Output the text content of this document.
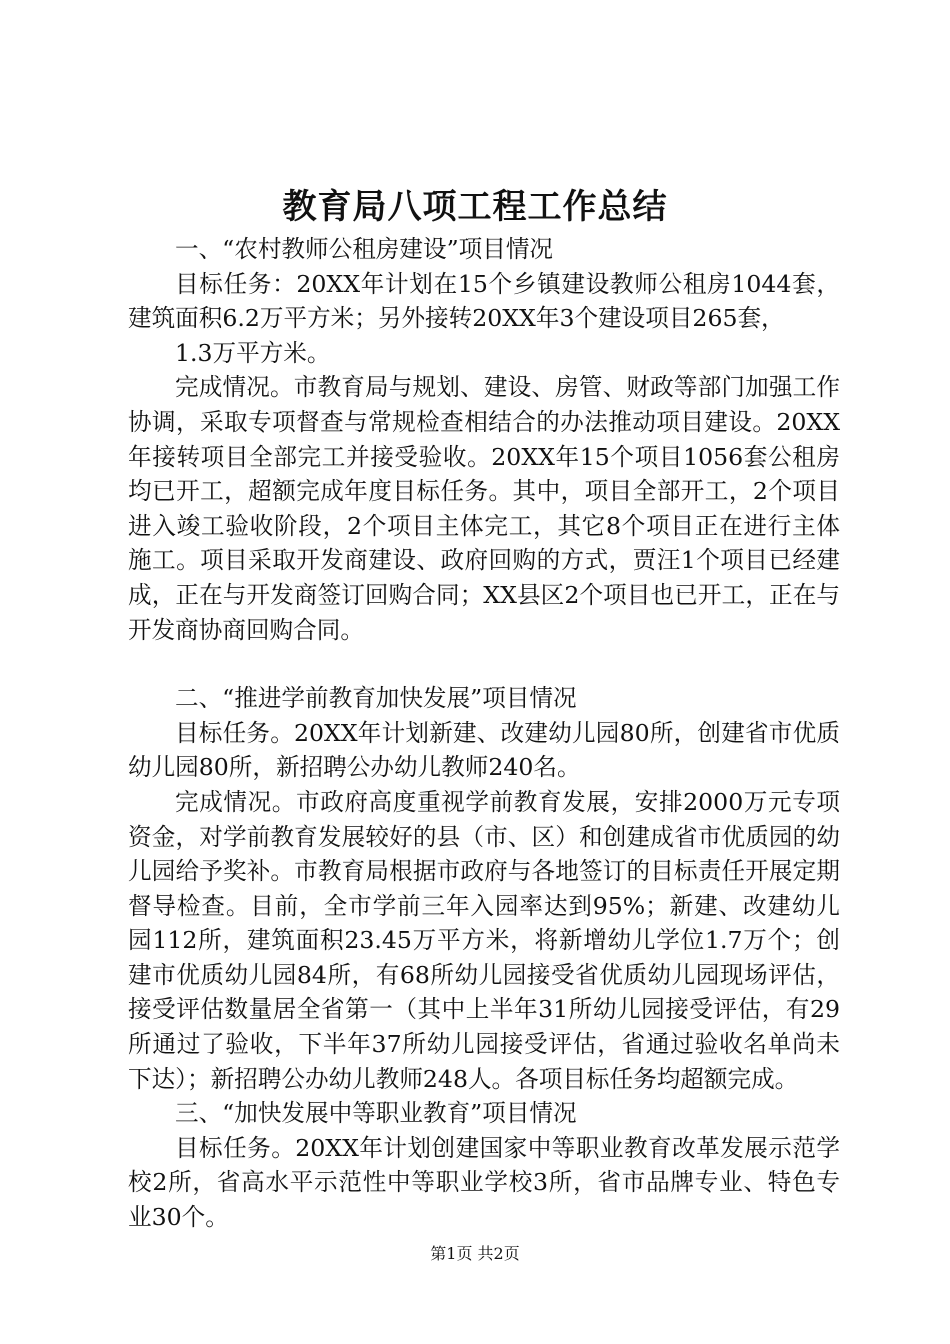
教育局八项工程工作总结

一、“农村教师公租房建设”项目情况

目标任务：20XX年计划在15个乡镇建设教师公租房1044套，建筑面积6.2万平方米；另外接转20XX年3个建设项目265套，

1.3万平方米。

完成情况。市教育局与规划、建设、房管、财政等部门加强工作协调，采取专项督查与常规检查相结合的办法推动项目建设。20XX年接转项目全部完工并接受验收。20XX年15个项目1056套公租房均已开工，超额完成年度目标任务。其中，项目全部开工，2个项目进入竣工验收阶段，2个项目主体完工，其它8个项目正在进行主体施工。项目采取开发商建设、政府回购的方式，贾汪1个项目已经建成，正在与开发商签订回购合同；XX县区2个项目也已开工，正在与开发商协商回购合同。

二、“推进学前教育加快发展”项目情况

目标任务。20XX年计划新建、改建幼儿园80所，创建省市优质幼儿园80所，新招聘公办幼儿教师240名。

完成情况。市政府高度重视学前教育发展，安排2000万元专项资金，对学前教育发展较好的县（市、区）和创建成省市优质园的幼儿园给予奖补。市教育局根据市政府与各地签订的目标责任开展定期督导检查。目前，全市学前三年入园率达到95%；新建、改建幼儿园112所，建筑面积23.45万平方米，将新增幼儿学位1.7万个；创建市优质幼儿园84所，有68所幼儿园接受省优质幼儿园现场评估，接受评估数量居全省第一（其中上半年31所幼儿园接受评估，有29所通过了验收，下半年37所幼儿园接受评估，省通过验收名单尚未下达）；新招聘公办幼儿教师248人。各项目标任务均超额完成。

三、“加快发展中等职业教育”项目情况

目标任务。20XX年计划创建国家中等职业教育改革发展示范学校2所，省高水平示范性中等职业学校3所，省市品牌专业、特色专业30个。

第1页 共2页
